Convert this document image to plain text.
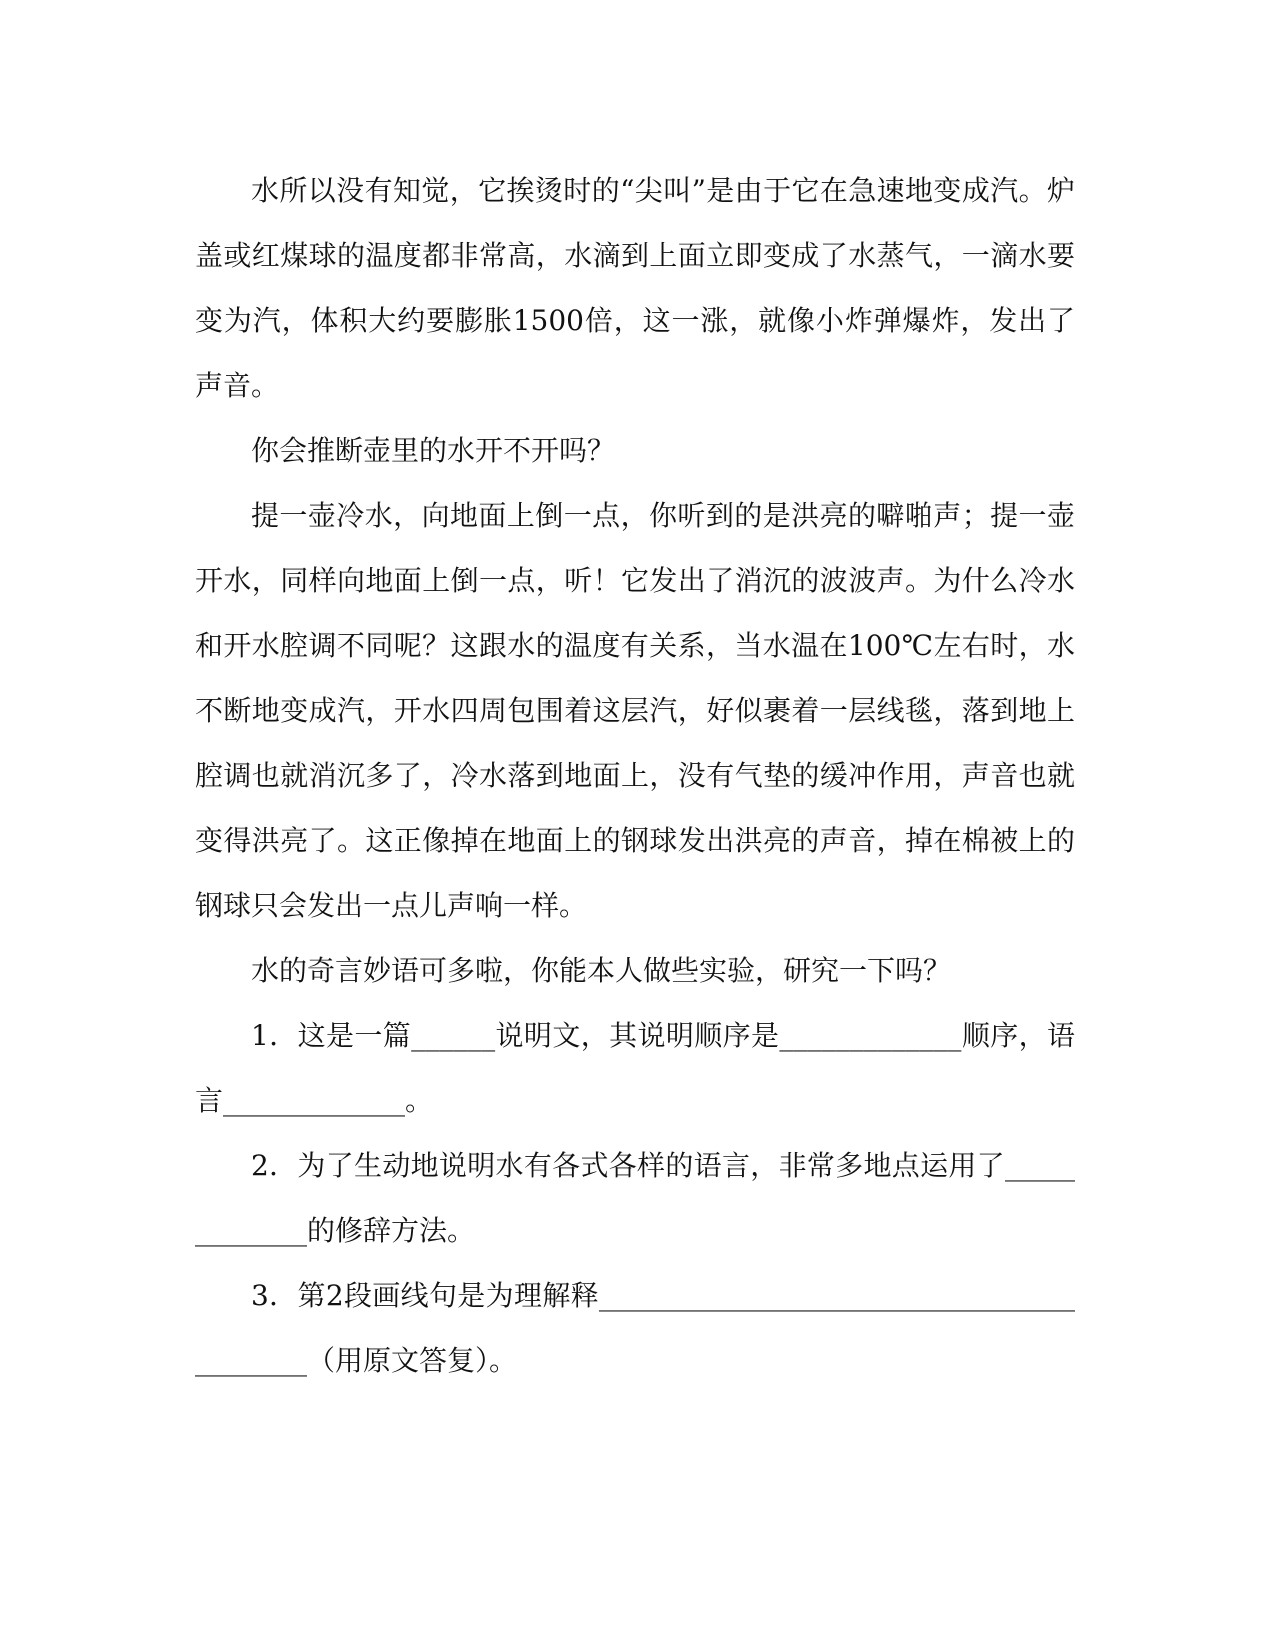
水所以没有知觉，它挨烫时的“尖叫”是由于它在急速地变成汽。炉盖或红煤球的温度都非常高，水滴到上面立即变成了水蒸气，一滴水要变为汽，体积大约要膨胀1500倍，这一涨，就像小炸弹爆炸，发出了声音。

你会推断壶里的水开不开吗？

提一壶冷水，向地面上倒一点，你听到的是洪亮的噼啪声；提一壶开水，同样向地面上倒一点，听！它发出了消沉的波波声。为什么冷水和开水腔调不同呢？这跟水的温度有关系，当水温在100℃左右时，水不断地变成汽，开水四周包围着这层汽，好似裹着一层线毯，落到地上腔调也就消沉多了，冷水落到地面上，没有气垫的缓冲作用，声音也就变得洪亮了。这正像掉在地面上的钢球发出洪亮的声音，掉在棉被上的钢球只会发出一点儿声响一样。

水的奇言妙语可多啦，你能本人做些实验，研究一下吗？

1．这是一篇______说明文，其说明顺序是_____________顺序，语言_____________。

2．为了生动地说明水有各式各样的语言，非常多地点运用了_____________的修辞方法。

3．第2段画线句是为理解释__________________________________________（用原文答复）。
